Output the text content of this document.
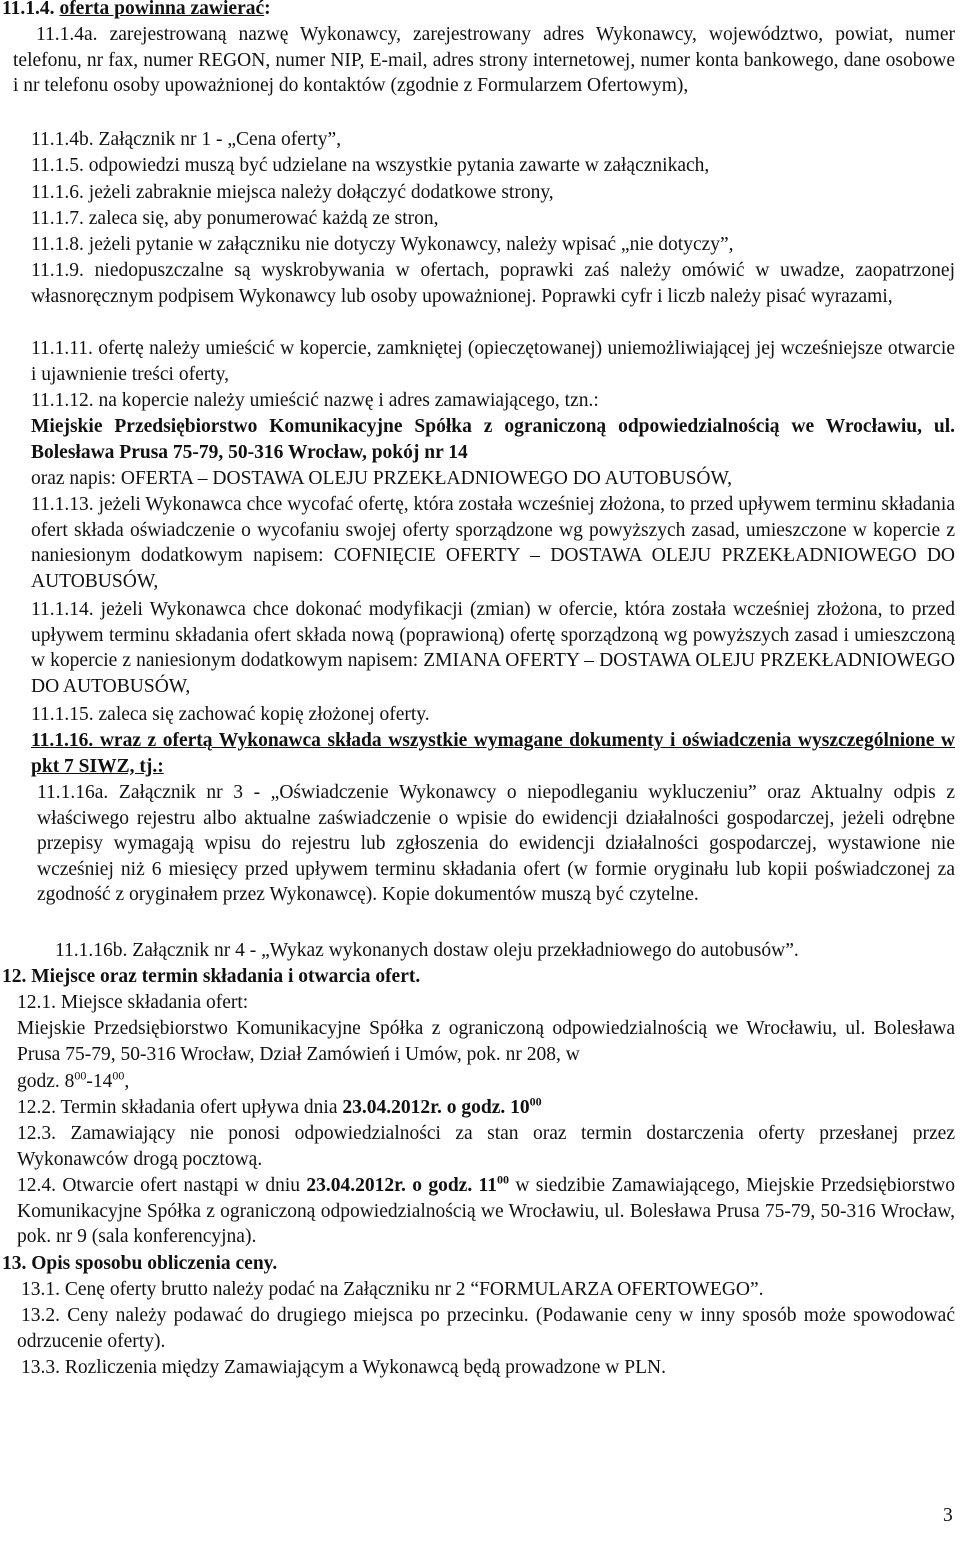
11.1.4. oferta powinna zawierać:
11.1.4a. zarejestrowaną nazwę Wykonawcy, zarejestrowany adres Wykonawcy, województwo, powiat, numer telefonu, nr fax, numer REGON, numer NIP, E-mail, adres strony internetowej, numer konta bankowego, dane osobowe i nr telefonu osoby upoważnionej do kontaktów (zgodnie z Formularzem Ofertowym),
11.1.4b. Załącznik nr 1 - „Cena oferty”,
11.1.5. odpowiedzi muszą być udzielane na wszystkie pytania zawarte w załącznikach,
11.1.6. jeżeli zabraknie miejsca należy dołączyć dodatkowe strony,
11.1.7. zaleca się, aby ponumerować każdą ze stron,
11.1.8. jeżeli pytanie w załączniku nie dotyczy Wykonawcy, należy wpisać „nie dotyczy”,
11.1.9. niedopuszczalne są wyskrobywania w ofertach, poprawki zaś należy omówić w uwadze, zaopatrzonej własnoręcznym podpisem Wykonawcy lub osoby upoważnionej. Poprawki cyfr i liczb należy pisać wyrazami,
11.1.11. ofertę należy umieścić w kopercie, zamkniętej (opieczętowanej) uniemożliwiającej jej wcześniejsze otwarcie i ujawnienie treści oferty,
11.1.12. na kopercie należy umieścić nazwę i adres zamawiającego, tzn.:
Miejskie Przedsiębiorstwo Komunikacyjne Spółka z ograniczoną odpowiedzialnością we Wrocławiu, ul. Bolesława Prusa 75-79, 50-316 Wrocław, pokój nr 14
oraz napis: OFERTA – DOSTAWA OLEJU PRZEKŁADNIOWEGO DO AUTOBUSÓW,
11.1.13. jeżeli Wykonawca chce wycofać ofertę, która została wcześniej złożona, to przed upływem terminu składania ofert składa oświadczenie o wycofaniu swojej oferty sporządzone wg powyższych zasad, umieszczone w kopercie z naniesionym dodatkowym napisem: COFNIĘCIE OFERTY – DOSTAWA OLEJU PRZEKŁADNIOWEGO DO AUTOBUSÓW,
11.1.14. jeżeli Wykonawca chce dokonać modyfikacji (zmian) w ofercie, która została wcześniej złożona, to przed upływem terminu składania ofert składa nową (poprawioną) ofertę sporządzoną wg powyższych zasad i umieszczoną w kopercie z naniesionym dodatkowym napisem: ZMIANA OFERTY – DOSTAWA OLEJU PRZEKŁADNIOWEGO DO AUTOBUSÓW,
11.1.15. zaleca się zachować kopię złożonej oferty.
11.1.16. wraz z ofertą Wykonawca składa wszystkie wymagane dokumenty i oświadczenia wyszczególnione w pkt 7 SIWZ, tj.:
11.1.16a. Załącznik nr 3 - „Oświadczenie Wykonawcy o niepodleganiu wykluczeniu” oraz Aktualny odpis z właściwego rejestru albo aktualne zaświadczenie o wpisie do ewidencji działalności gospodarczej, jeżeli odrębne przepisy wymagają wpisu do rejestru lub zgłoszenia do ewidencji działalności gospodarczej, wystawione nie wcześniej niż 6 miesięcy przed upływem terminu składania ofert (w formie oryginału lub kopii poświadczonej za zgodność z oryginałem przez Wykonawcę). Kopie dokumentów muszą być czytelne.
11.1.16b. Załącznik nr 4 - „Wykaz wykonanych dostaw oleju przekładniowego do autobusów”.
12. Miejsce oraz termin składania i otwarcia ofert.
12.1. Miejsce składania ofert:
Miejskie Przedsiębiorstwo Komunikacyjne Spółka z ograniczoną odpowiedzialnością we Wrocławiu, ul. Bolesława Prusa 75-79, 50-316 Wrocław, Dział Zamówień i Umów, pok. nr 208, w
godz. $8^{00}-14^{00}$,
12.2. Termin składania ofert upływa dnia 23.04.2012r. o godz. $10^{00}$
12.3. Zamawiający nie ponosi odpowiedzialności za stan oraz termin dostarczenia oferty przesłanej przez Wykonawców drogą pocztową.
12.4. Otwarcie ofert nastąpi w dniu 23.04.2012r. o godz. $11^{00}$ w siedzibie Zamawiającego, Miejskie Przedsiębiorstwo Komunikacyjne Spółka z ograniczoną odpowiedzialnością we Wrocławiu, ul. Bolesława Prusa 75-79, 50-316 Wrocław, pok. nr 9 (sala konferencyjna).
13. Opis sposobu obliczenia ceny.
13.1. Cenę oferty brutto należy podać na Załączniku nr 2 “FORMULARZA OFERTOWEGO”.
13.2. Ceny należy podawać do drugiego miejsca po przecinku. (Podawanie ceny w inny sposób może spowodować odrzucenie oferty).
13.3. Rozliczenia między Zamawiającym a Wykonawcą będą prowadzone w PLN.
3
